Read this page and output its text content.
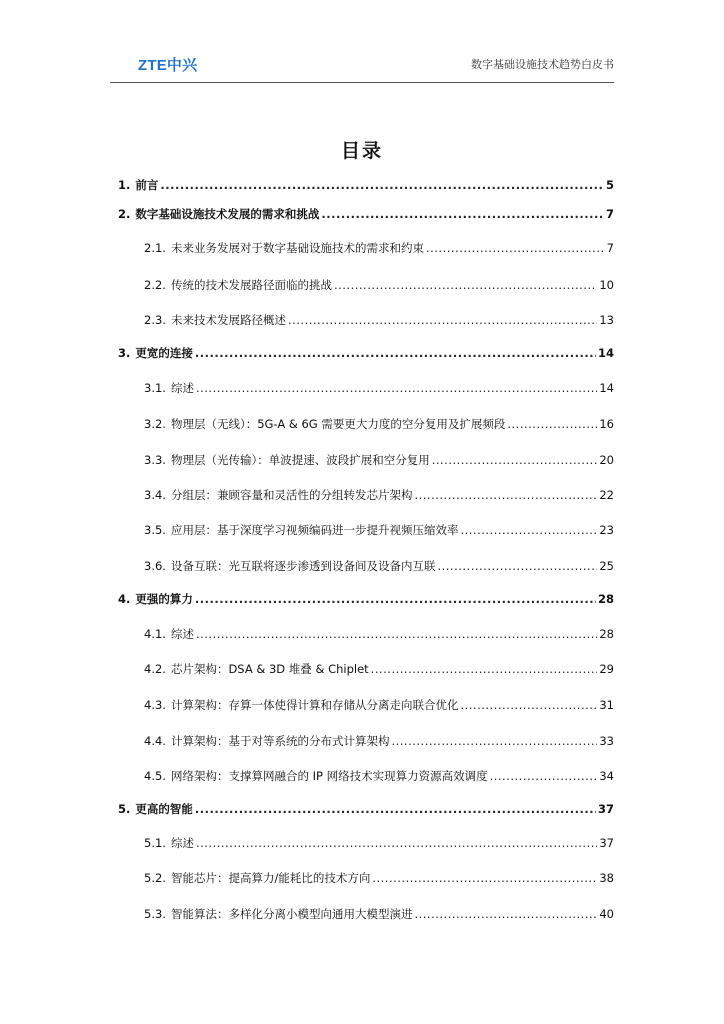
ZTE中兴	数字基础设施技术趋势白皮书
目录
1. 前言 .....	5
2. 数字基础设施技术发展的需求和挑战 .....	7
2.1. 未来业务发展对于数字基础设施技术的需求和约束 .....	7
2.2. 传统的技术发展路径面临的挑战 .....	10
2.3. 未来技术发展路径概述 .....	13
3. 更宽的连接 .....	14
3.1. 综述 .....	14
3.2. 物理层（无线）：5G-A & 6G 需要更大力度的空分复用及扩展频段 .....	16
3.3. 物理层（光传输）：单波提速、波段扩展和空分复用 .....	20
3.4. 分组层：兼顾容量和灵活性的分组转发芯片架构 .....	22
3.5. 应用层：基于深度学习视频编码进一步提升视频压缩效率 .....	23
3.6. 设备互联：光互联将逐步渗透到设备间及设备内互联 .....	25
4. 更强的算力 .....	28
4.1. 综述 .....	28
4.2. 芯片架构：DSA & 3D 堆叠 & Chiplet .....	29
4.3. 计算架构：存算一体使得计算和存储从分离走向联合优化 .....	31
4.4. 计算架构：基于对等系统的分布式计算架构 .....	33
4.5. 网络架构：支撑算网融合的 IP 网络技术实现算力资源高效调度 .....	34
5. 更高的智能 .....	37
5.1. 综述 .....	37
5.2. 智能芯片：提高算力/能耗比的技术方向 .....	38
5.3. 智能算法：多样化分离小模型向通用大模型演进 .....	40
